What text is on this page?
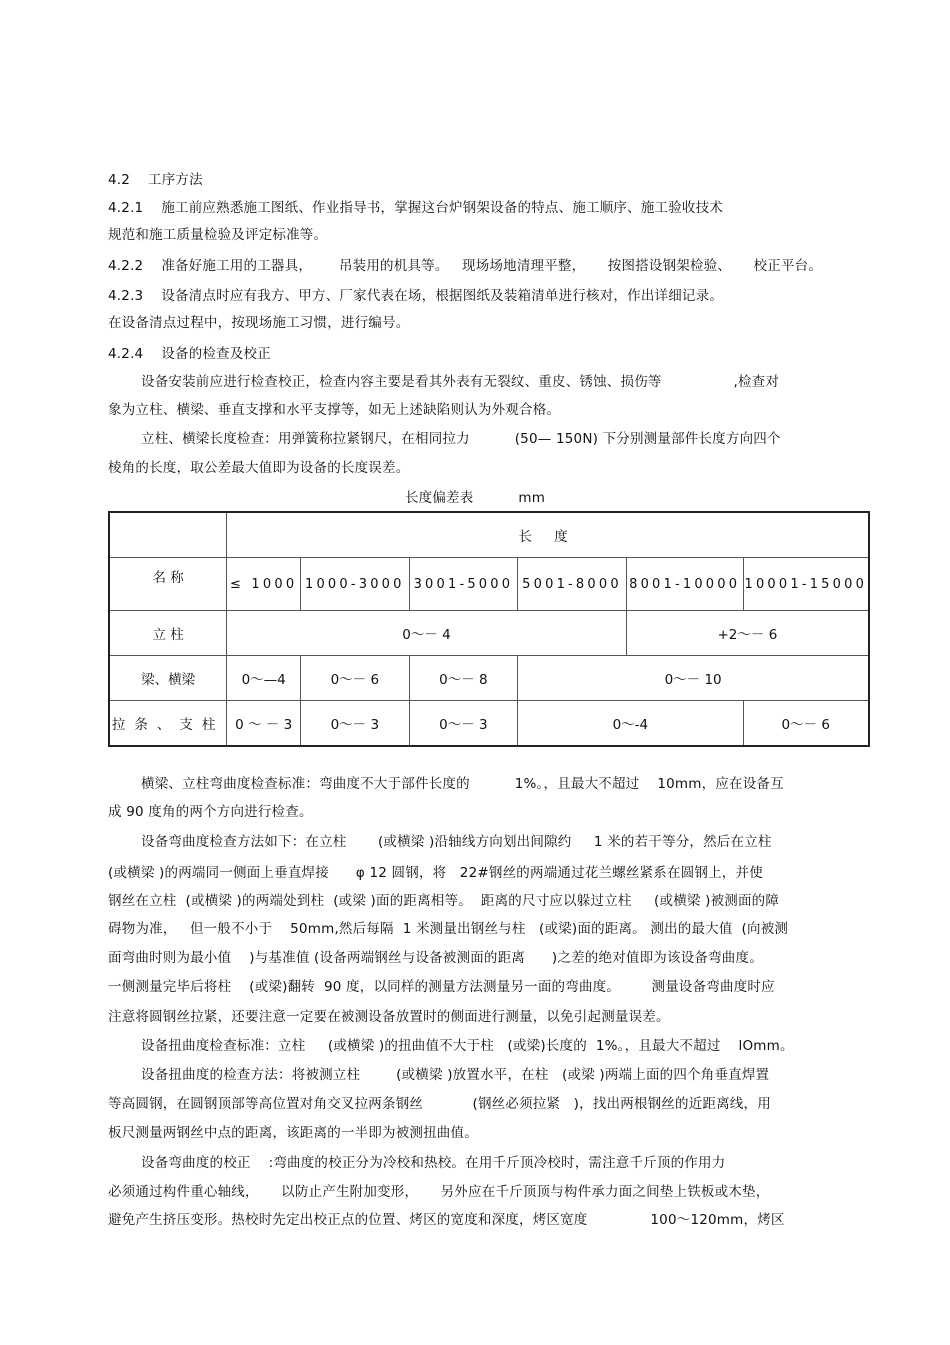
4.2    工序方法
4.2.1    施工前应熟悉施工图纸、作业指导书，掌握这台炉钢架设备的特点、施工顺序、施工验收技术
规范和施工质量检验及评定标准等。
4.2.2    准备好施工用的工器具，      吊装用的机具等。   现场场地清理平整，     按图搭设钢架检验、     校正平台。
4.2.3    设备清点时应有我方、甲方、厂家代表在场，根据图纸及装箱清单进行核对，作出详细记录。
在设备清点过程中，按现场施工习惯，进行编号。
4.2.4    设备的检查及校正
设备安装前应进行检查校正，检查内容主要是看其外表有无裂纹、重皮、锈蚀、损伤等                ,检查对
象为立柱、横梁、垂直支撑和水平支撑等，如无上述缺陷则认为外观合格。
立柱、横梁长度检查：用弹簧称拉紧钢尺，在相同拉力          (50— 150N) 下分别测量部件长度方向四个
棱角的长度，取公差最大值即为设备的长度误差。
长度偏差表          mm
	长 度					
名 称	≤ 1000	1000-3000	3001-5000	5001-8000	8001-10000	10001-15000
立 柱	0～－ 4				+2～－ 6	
梁、横梁	0～—4	0～－ 6	0～－ 8	0～－ 10		
拉条、支柱	0 ～ － 3	0～－ 3	0～－ 3	0～-4		0～－ 6
横梁、立柱弯曲度检查标准：弯曲度不大于部件长度的          1%。，且最大不超过    10mm，应在设备互
成 90 度角的两个方向进行检查。
设备弯曲度检查方法如下：在立柱       (或横梁 )沿轴线方向划出间隙约     1 米的若干等分，然后在立柱
(或横梁 )的两端同一侧面上垂直焊接      φ 12 圆钢，将   22#钢丝的两端通过花兰螺丝紧系在圆钢上，并使
钢丝在立柱  (或横梁 )的两端处到柱  (或梁 )面的距离相等。  距离的尺寸应以躲过立柱     (或横梁 )被测面的障
碍物为准，   但一般不小于    50mm,然后每隔  1 米测量出钢丝与柱   (或梁)面的距离。 测出的最大值  (向被测
面弯曲时则为最小值    )与基准值 (设备两端钢丝与设备被测面的距离      )之差的绝对值即为该设备弯曲度。
一侧测量完毕后将柱    (或梁)翻转  90 度，以同样的测量方法测量另一面的弯曲度。       测量设备弯曲度时应
注意将圆钢丝拉紧，还要注意一定要在被测设备放置时的侧面进行测量，以免引起测量误差。
设备扭曲度检查标准：立柱     (或横梁 )的扭曲值不大于柱   (或梁)长度的  1%。，且最大不超过    lOmm。
设备扭曲度的检查方法：将被测立柱        (或横梁 )放置水平，在柱   (或梁 )两端上面的四个角垂直焊置
等高圆钢，在圆钢顶部等高位置对角交叉拉两条钢丝           (钢丝必须拉紧   )，找出两根钢丝的近距离线，用
板尺测量两钢丝中点的距离，该距离的一半即为被测扭曲值。
设备弯曲度的校正    :弯曲度的校正分为冷校和热校。在用千斤顶冷校时，需注意千斤顶的作用力
必须通过构件重心轴线，     以防止产生附加变形，     另外应在千斤顶顶与构件承力面之间垫上铁板或木垫，
避免产生挤压变形。热校时先定出校正点的位置、烤区的宽度和深度，烤区宽度              100～120mm，烤区
